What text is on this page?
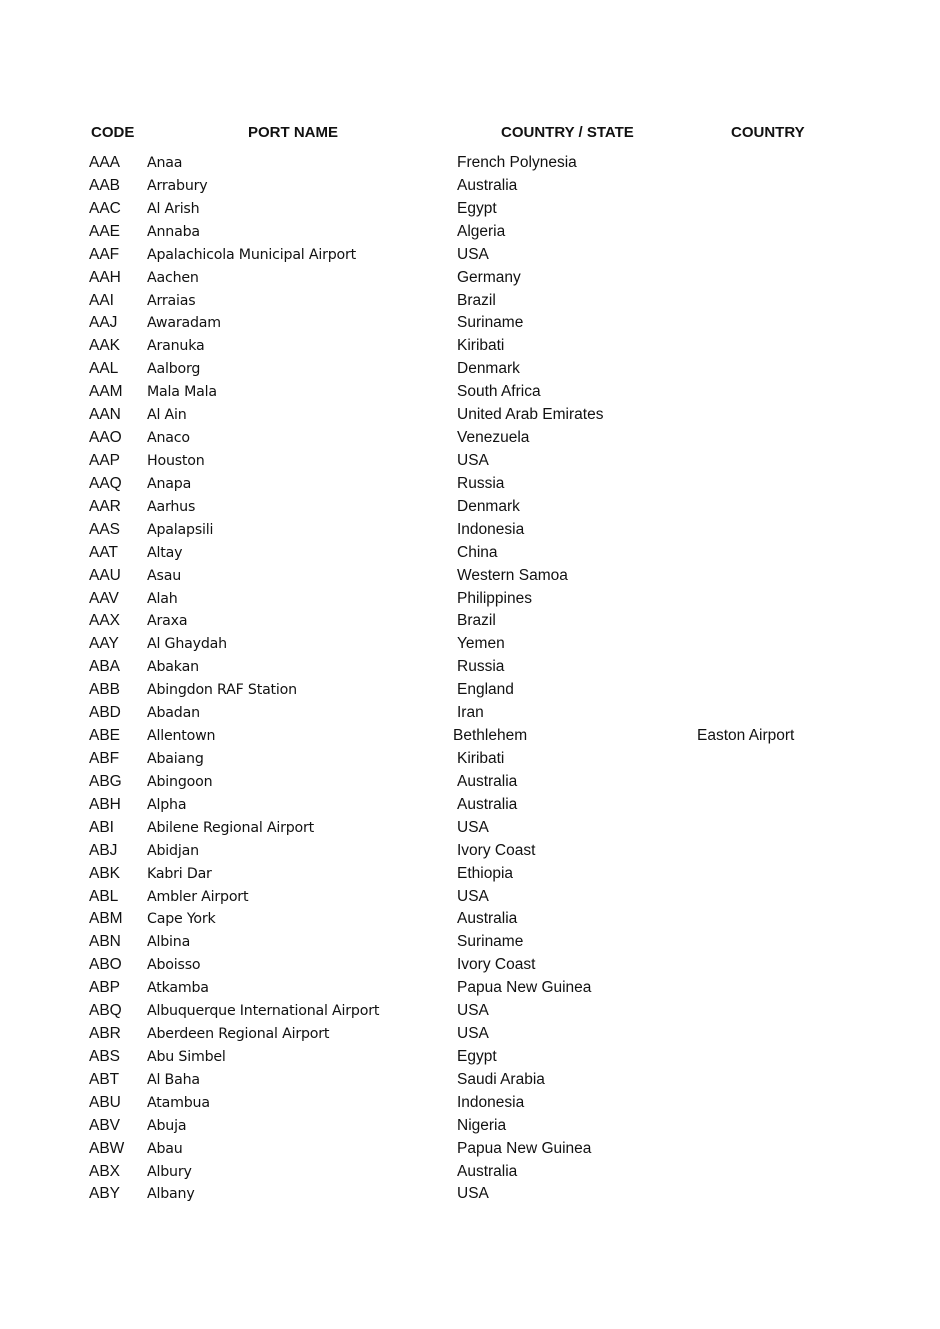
CODE	PORT NAME	COUNTRY / STATE	COUNTRY
AAA Anaa	French Polynesia
AAB Arrabury	Australia
AAC Al Arish	Egypt
AAE Annaba	Algeria
AAF Apalachicola Municipal Airport	USA
AAH Aachen	Germany
AAI Arraias	Brazil
AAJ Awaradam	Suriname
AAK Aranuka	Kiribati
AAL Aalborg	Denmark
AAM Mala Mala	South Africa
AAN Al Ain	United Arab Emirates
AAO Anaco	Venezuela
AAP Houston	USA
AAQ Anapa	Russia
AAR Aarhus	Denmark
AAS Apalapsili	Indonesia
AAT Altay	China
AAU Asau	Western Samoa
AAV Alah	Philippines
AAX Araxa	Brazil
AAY Al Ghaydah	Yemen
ABA Abakan	Russia
ABB Abingdon RAF Station	England
ABD Abadan	Iran
ABE Allentown	Bethlehem	Easton Airport
ABF Abaiang	Kiribati
ABG Abingoon	Australia
ABH Alpha	Australia
ABI Abilene Regional Airport	USA
ABJ Abidjan	Ivory Coast
ABK Kabri Dar	Ethiopia
ABL Ambler Airport	USA
ABM Cape York	Australia
ABN Albina	Suriname
ABO Aboisso	Ivory Coast
ABP Atkamba	Papua New Guinea
ABQ Albuquerque International Airport	USA
ABR Aberdeen Regional Airport	USA
ABS Abu Simbel	Egypt
ABT Al Baha	Saudi Arabia
ABU Atambua	Indonesia
ABV Abuja	Nigeria
ABW Abau	Papua New Guinea
ABX Albury	Australia
ABY Albany	USA
